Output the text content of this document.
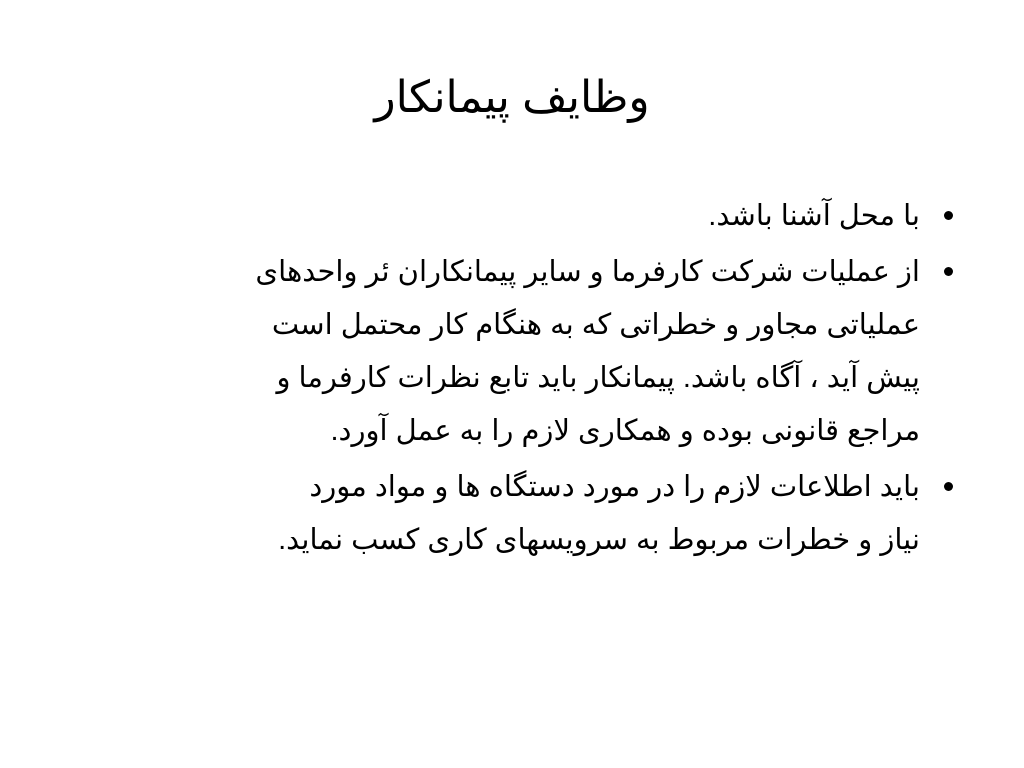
وظایف پیمانکار
با محل آشنا باشد.
از عملیات شرکت کارفرما و سایر پیمانکاران ئر واحدهای
عملیاتی مجاور و خطراتی که به هنگام کار محتمل است
پیش آید ، آگاه باشد. پیمانکار باید تابع نظرات کارفرما و
مراجع قانونی بوده و همکاری لازم را به عمل آورد.
باید اطلاعات لازم را در مورد دستگاه ها و مواد مورد
نیاز و خطرات مربوط به سرویسهای کاری کسب نماید.
